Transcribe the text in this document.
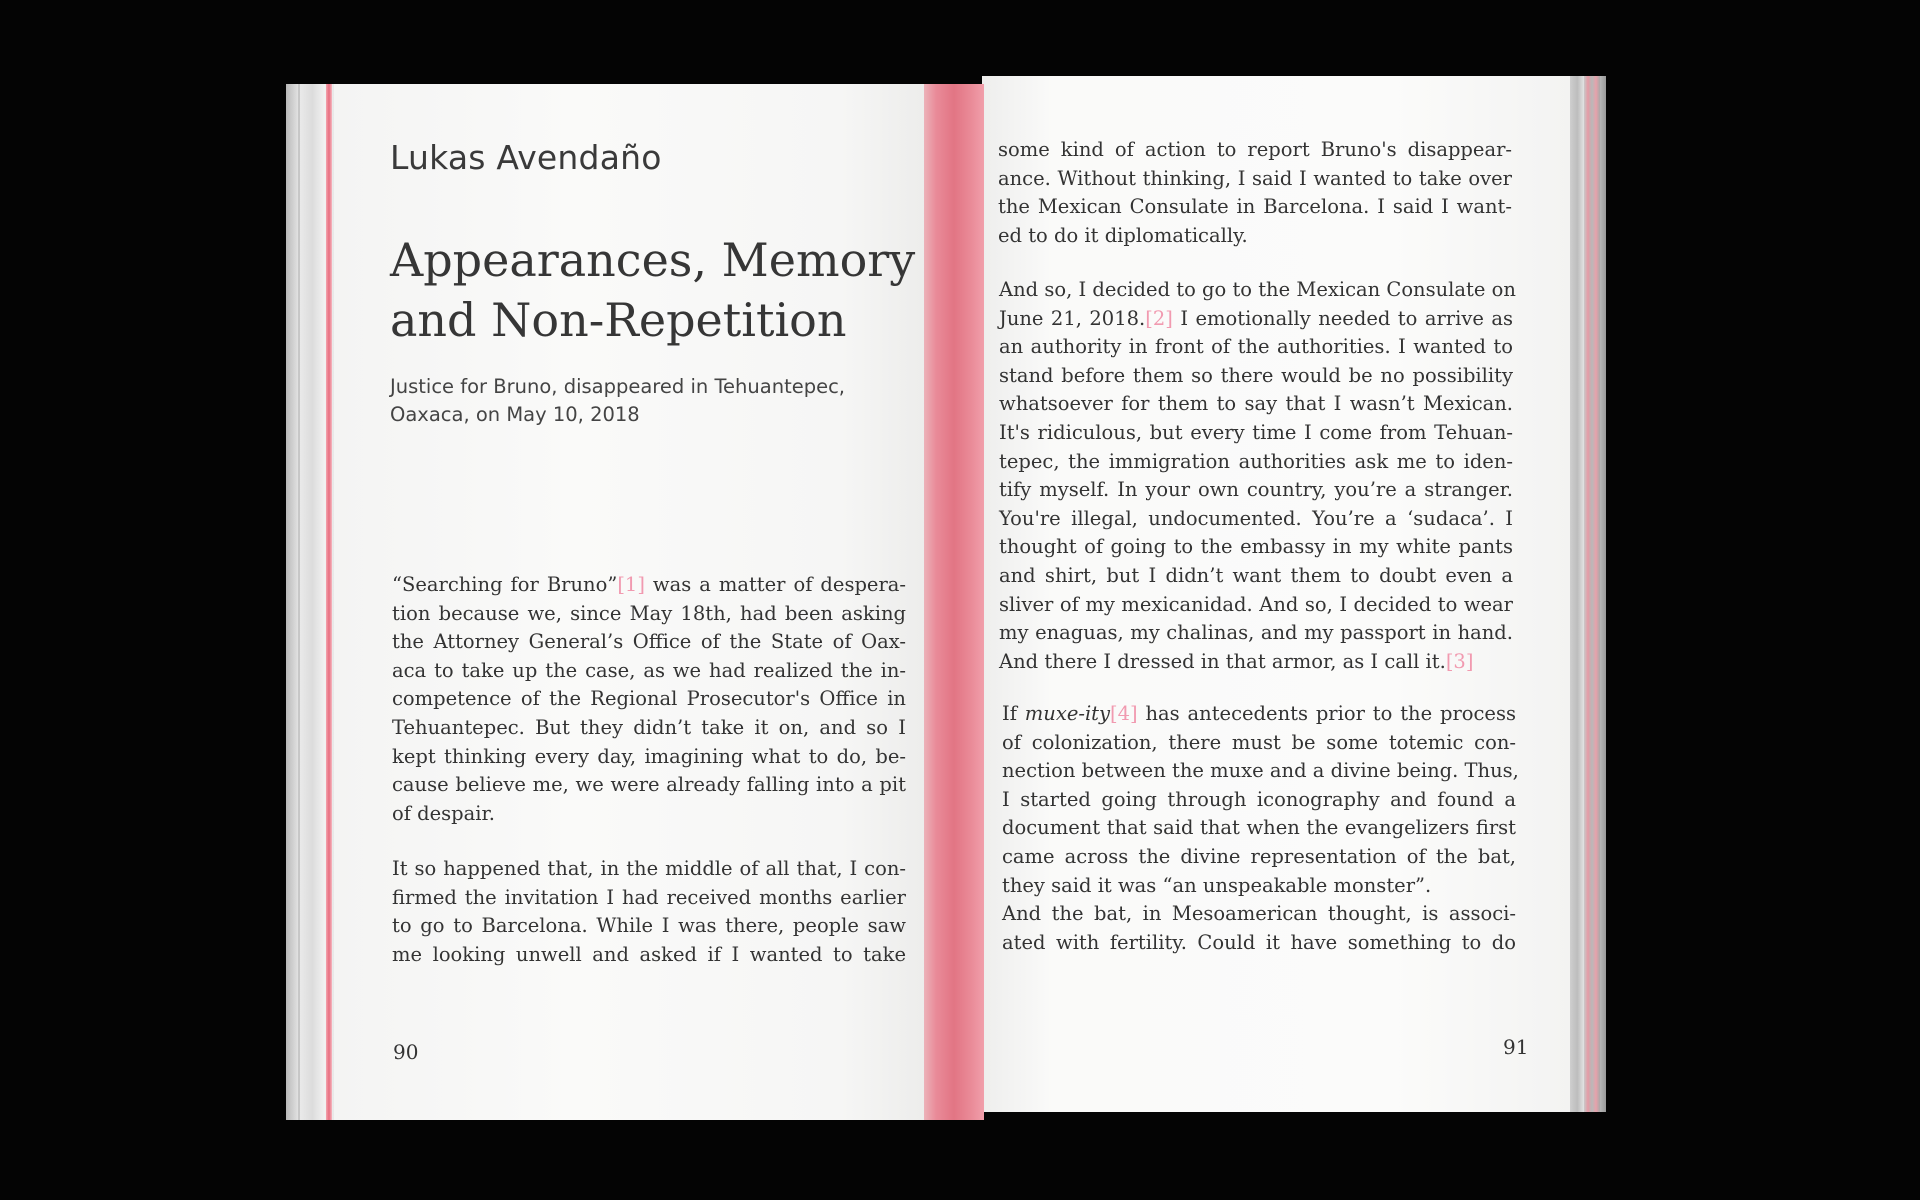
Lukas Avendaño

Appearances, Memory
and Non-Repetition

Justice for Bruno, disappeared in Tehuantepec,
Oaxaca, on May 10, 2018

“Searching for Bruno”[1] was a matter of despera-
tion because we, since May 18th, had been asking
the Attorney General’s Office of the State of Oax-
aca to take up the case, as we had realized the in-
competence of the Regional Prosecutor's Office in
Tehuantepec. But they didn’t take it on, and so I
kept thinking every day, imagining what to do, be-
cause believe me, we were already falling into a pit
of despair.
It so happened that, in the middle of all that, I con-
firmed the invitation I had received months earlier
to go to Barcelona. While I was there, people saw
me looking unwell and asked if I wanted to take
90
some kind of action to report Bruno's disappear-
ance. Without thinking, I said I wanted to take over
the Mexican Consulate in Barcelona. I said I want-
ed to do it diplomatically.
And so, I decided to go to the Mexican Consulate on
June 21, 2018.[2] I emotionally needed to arrive as
an authority in front of the authorities. I wanted to
stand before them so there would be no possibility
whatsoever for them to say that I wasn’t Mexican.
It's ridiculous, but every time I come from Tehuan-
tepec, the immigration authorities ask me to iden-
tify myself. In your own country, you’re a stranger.
You're illegal, undocumented. You’re a ‘sudaca’. I
thought of going to the embassy in my white pants
and shirt, but I didn’t want them to doubt even a
sliver of my mexicanidad. And so, I decided to wear
my enaguas, my chalinas, and my passport in hand.
And there I dressed in that armor, as I call it.[3]
If muxe-ity[4] has antecedents prior to the process
of colonization, there must be some totemic con-
nection between the muxe and a divine being. Thus,
I started going through iconography and found a
document that said that when the evangelizers first
came across the divine representation of the bat,
they said it was “an unspeakable monster”.
And the bat, in Mesoamerican thought, is associ-
ated with fertility. Could it have something to do
91
